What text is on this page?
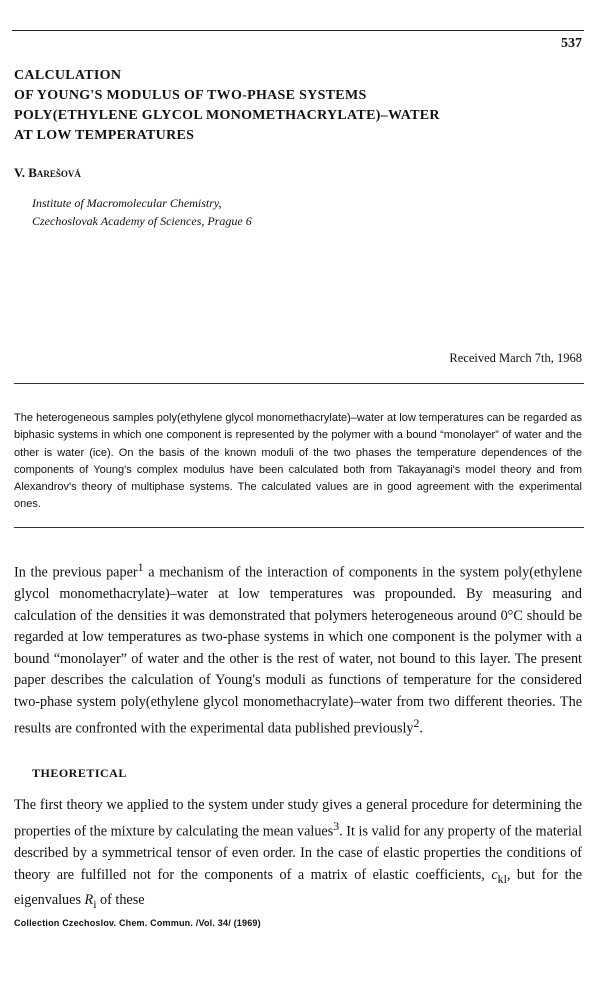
537
CALCULATION
OF YOUNG'S MODULUS OF TWO-PHASE SYSTEMS
POLY(ETHYLENE GLYCOL MONOMETHACRYLATE)–WATER
AT LOW TEMPERATURES
V. Barešová
Institute of Macromolecular Chemistry,
Czechoslovak Academy of Sciences, Prague 6
Received March 7th, 1968
The heterogeneous samples poly(ethylene glycol monomethacrylate)–water at low temperatures can be regarded as biphasic systems in which one component is represented by the polymer with a bound “monolayer” of water and the other is water (ice). On the basis of the known moduli of the two phases the temperature dependences of the components of Young's complex modulus have been calculated both from Takayanagi's model theory and from Alexandrov's theory of multiphase systems. The calculated values are in good agreement with the experimental ones.

In the previous paper$^1$ a mechanism of the interaction of components in the system poly(ethylene glycol monomethacrylate)–water at low temperatures was propounded. By measuring and calculation of the densities it was demonstrated that polymers heterogeneous around 0°C should be regarded at low temperatures as two-phase systems in which one component is the polymer with a bound “monolayer” of water and the other is the rest of water, not bound to this layer. The present paper describes the calculation of Young's moduli as functions of temperature for the considered two-phase system poly(ethylene glycol monomethacrylate)–water from two different theories. The results are confronted with the experimental data published previously$^2$.

THEORETICAL

The first theory we applied to the system under study gives a general procedure for determining the properties of the mixture by calculating the mean values$^3$. It is valid for any property of the material described by a symmetrical tensor of even order. In the case of elastic properties the conditions of theory are fulfilled not for the components of a matrix of elastic coefficients, $c_{kl}$, but for the eigenvalues $R_i$ of these

Collection Czechoslov. Chem. Commun. /Vol. 34/ (1969)
